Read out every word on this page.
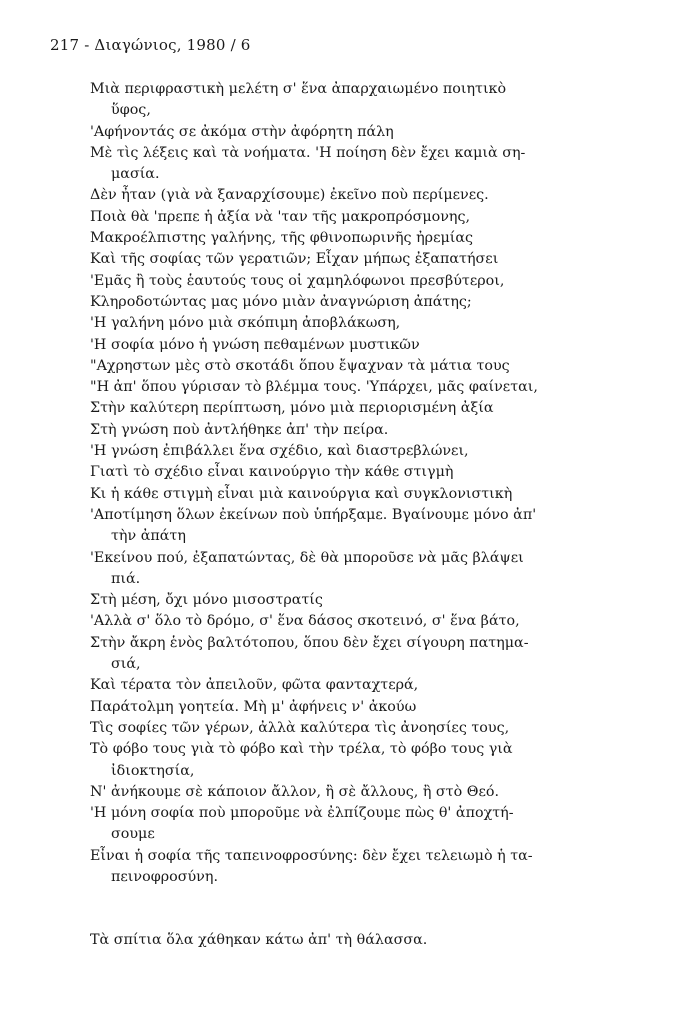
217 - Διαγώνιος, 1980 / 6
Μιὰ περιφραστικὴ μελέτη σ' ἕνα ἀπαρχαιωμένο ποιητικὸ
ὕφος,
'Αφήνοντάς σε ἀκόμα στὴν ἀφόρητη πάλη
Μὲ τὶς λέξεις καὶ τὰ νοήματα. 'Η ποίηση δὲν ἔχει καμιὰ ση-
μασία.
Δὲν ἦταν (γιὰ νὰ ξαναρχίσουμε) ἐκεῖνο ποὺ περίμενες.
Ποιὰ θὰ 'πρεπε ἡ ἀξία νὰ 'ταν τῆς μακροπρόσμονης,
Μακροέλπιστης γαλήνης, τῆς φθινοπωρινῆς ἠρεμίας
Καὶ τῆς σοφίας τῶν γερατιῶν; Εἶχαν μήπως ἐξαπατήσει
'Εμᾶς ἢ τοὺς ἑαυτούς τους οἱ χαμηλόφωνοι πρεσβύτεροι,
Κληροδοτώντας μας μόνο μιὰν ἀναγνώριση ἀπάτης;
'Η γαλήνη μόνο μιὰ σκόπιμη ἀποβλάκωση,
'Η σοφία μόνο ἡ γνώση πεθαμένων μυστικῶν
"Αχρηστων μὲς στὸ σκοτάδι ὅπου ἔψαχναν τὰ μάτια τους
"Η ἀπ' ὅπου γύρισαν τὸ βλέμμα τους. 'Υπάρχει, μᾶς φαίνεται,
Στὴν καλύτερη περίπτωση, μόνο μιὰ περιορισμένη ἀξία
Στὴ γνώση ποὺ ἀντλήθηκε ἀπ' τὴν πείρα.
'Η γνώση ἐπιβάλλει ἕνα σχέδιο, καὶ διαστρεβλώνει,
Γιατὶ τὸ σχέδιο εἶναι καινούργιο τὴν κάθε στιγμὴ
Κι ἡ κάθε στιγμὴ εἶναι μιὰ καινούργια καὶ συγκλονιστικὴ
'Αποτίμηση ὅλων ἐκείνων ποὺ ὑπήρξαμε. Βγαίνουμε μόνο ἀπ'
τὴν ἀπάτη
'Εκείνου πού, ἐξαπατώντας, δὲ θὰ μποροῦσε νὰ μᾶς βλάψει
πιά.
Στὴ μέση, ὄχι μόνο μισοστρατίς
'Αλλὰ σ' ὅλο τὸ δρόμο, σ' ἕνα δάσος σκοτεινό, σ' ἕνα βάτο,
Στὴν ἄκρη ἑνὸς βαλτότοπου, ὅπου δὲν ἔχει σίγουρη πατημα-
σιά,
Καὶ τέρατα τὸν ἀπειλοῦν, φῶτα φανταχτερά,
Παράτολμη γοητεία. Μὴ μ' ἀφήνεις ν' ἀκούω
Τὶς σοφίες τῶν γέρων, ἀλλὰ καλύτερα τὶς ἀνοησίες τους,
Τὸ φόβο τους γιὰ τὸ φόβο καὶ τὴν τρέλα, τὸ φόβο τους γιὰ
ἰδιοκτησία,
Ν' ἀνήκουμε σὲ κάποιον ἄλλον, ἢ σὲ ἄλλους, ἢ στὸ Θεό.
'Η μόνη σοφία ποὺ μποροῦμε νὰ ἐλπίζουμε πὼς θ' ἀποχτή-
σουμε
Εἶναι ἡ σοφία τῆς ταπεινοφροσύνης: δὲν ἔχει τελειωμὸ ἡ τα-
πεινοφροσύνη.
Τὰ σπίτια ὅλα χάθηκαν κάτω ἀπ' τὴ θάλασσα.
